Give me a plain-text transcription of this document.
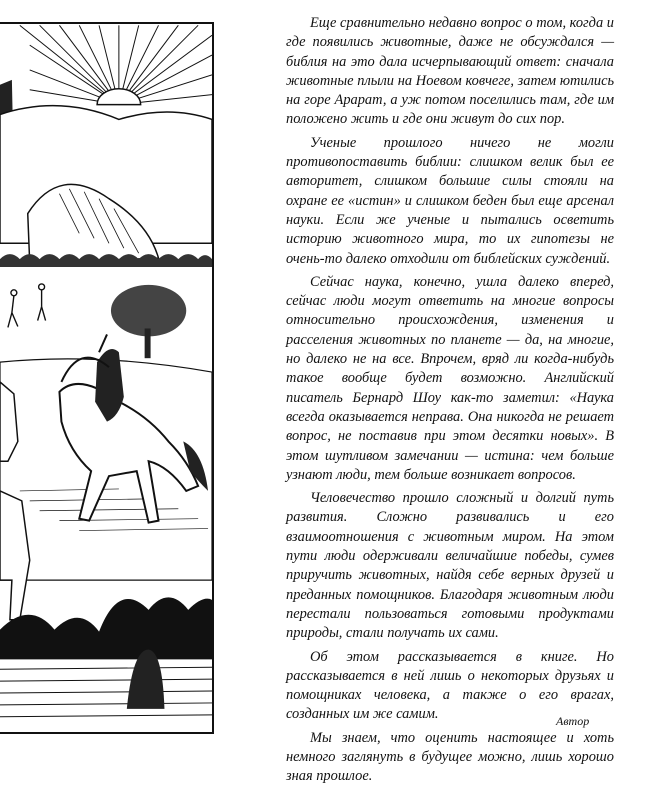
Еще сравнительно недавно вопрос о том, когда и где появились животные, даже не обсуждался — библия на это дала исчерпывающий ответ: сначала животные плыли на Ноевом ковчеге, затем ютились на горе Арарат, а уж потом поселились там, где им положено жить и где они живут до сих пор.

Ученые прошлого ничего не могли противопоставить библии: слишком велик был ее авторитет, слишком большие силы стояли на охране ее «истин» и слишком беден был еще арсенал науки. Если же ученые и пытались осветить историю животного мира, то их гипотезы не очень-то далеко отходили от библейских суждений.

Сейчас наука, конечно, ушла далеко вперед, сейчас люди могут ответить на многие вопросы относительно происхождения, изменения и расселения животных по планете — да, на многие, но далеко не на все. Впрочем, вряд ли когда-нибудь такое вообще будет возможно. Английский писатель Бернард Шоу как-то заметил: «Наука всегда оказывается неправа. Она никогда не решает вопрос, не поставив при этом десятки новых». В этом шутливом замечании — истина: чем больше узнают люди, тем больше возникает вопросов.

Человечество прошло сложный и долгий путь развития. Сложно развивались и его взаимоотношения с животным миром. На этом пути люди одерживали величайшие победы, сумев приручить животных, найдя себе верных друзей и преданных помощников. Благодаря животным люди перестали пользоваться готовыми продуктами природы, стали получать их сами.

Об этом рассказывается в книге. Но рассказывается в ней лишь о некоторых друзьях и помощниках человека, а также о его врагах, созданных им же самим.

Мы знаем, что оценить настоящее и хоть немного заглянуть в будущее можно, лишь хорошо зная прошлое.

Автор
